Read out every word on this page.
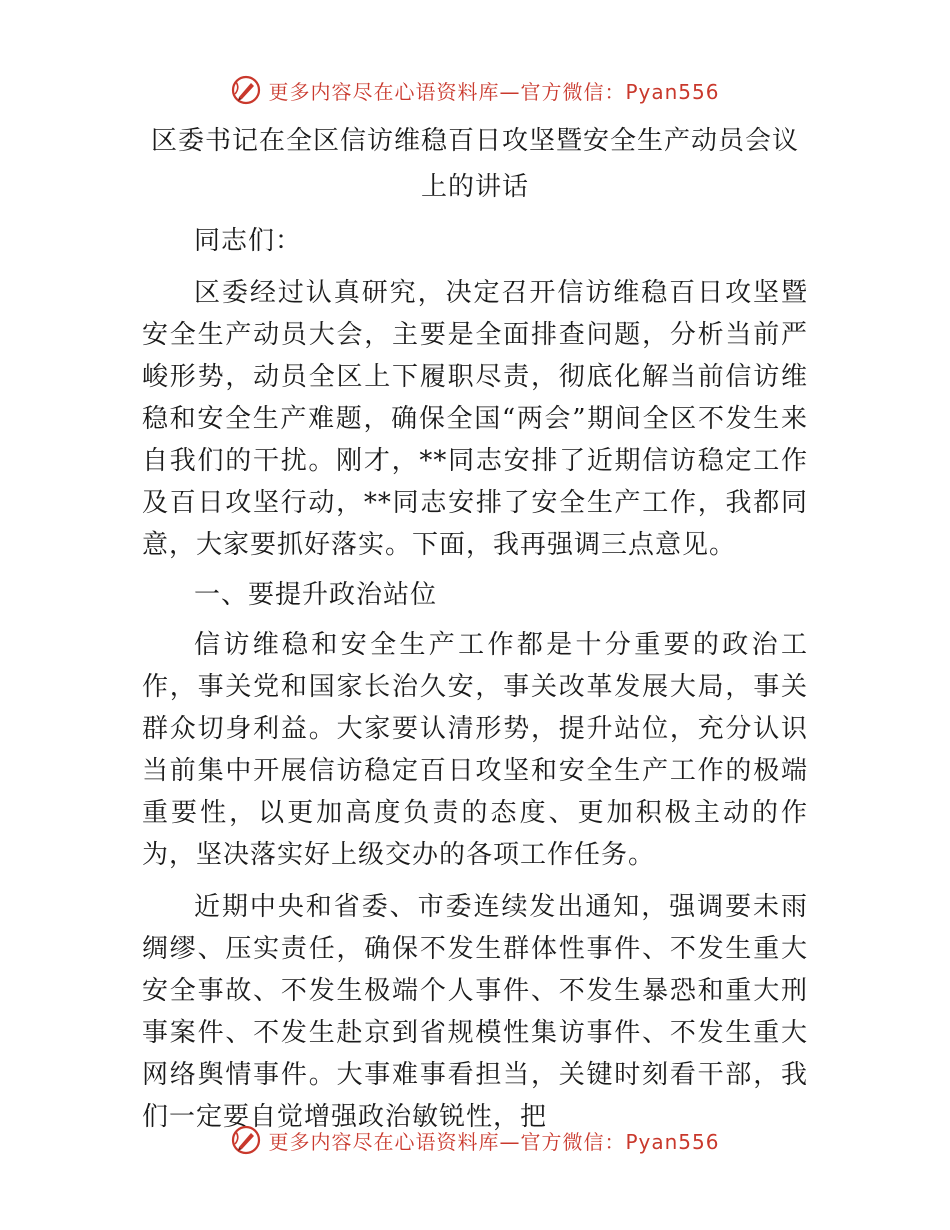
更多内容尽在心语资料库—官方微信：Pyan556
区委书记在全区信访维稳百日攻坚暨安全生产动员会议上的讲话

同志们：

区委经过认真研究，决定召开信访维稳百日攻坚暨安全生产动员大会，主要是全面排查问题，分析当前严峻形势，动员全区上下履职尽责，彻底化解当前信访维稳和安全生产难题，确保全国“两会”期间全区不发生来自我们的干扰。刚才，**同志安排了近期信访稳定工作及百日攻坚行动，**同志安排了安全生产工作，我都同意，大家要抓好落实。下面，我再强调三点意见。

一、要提升政治站位

信访维稳和安全生产工作都是十分重要的政治工作，事关党和国家长治久安，事关改革发展大局，事关群众切身利益。大家要认清形势，提升站位，充分认识当前集中开展信访稳定百日攻坚和安全生产工作的极端重要性，以更加高度负责的态度、更加积极主动的作为，坚决落实好上级交办的各项工作任务。

近期中央和省委、市委连续发出通知，强调要未雨绸缪、压实责任，确保不发生群体性事件、不发生重大安全事故、不发生极端个人事件、不发生暴恐和重大刑事案件、不发生赴京到省规模性集访事件、不发生重大网络舆情事件。大事难事看担当，关键时刻看干部，我们一定要自觉增强政治敏锐性，把

更多内容尽在心语资料库—官方微信：Pyan556
